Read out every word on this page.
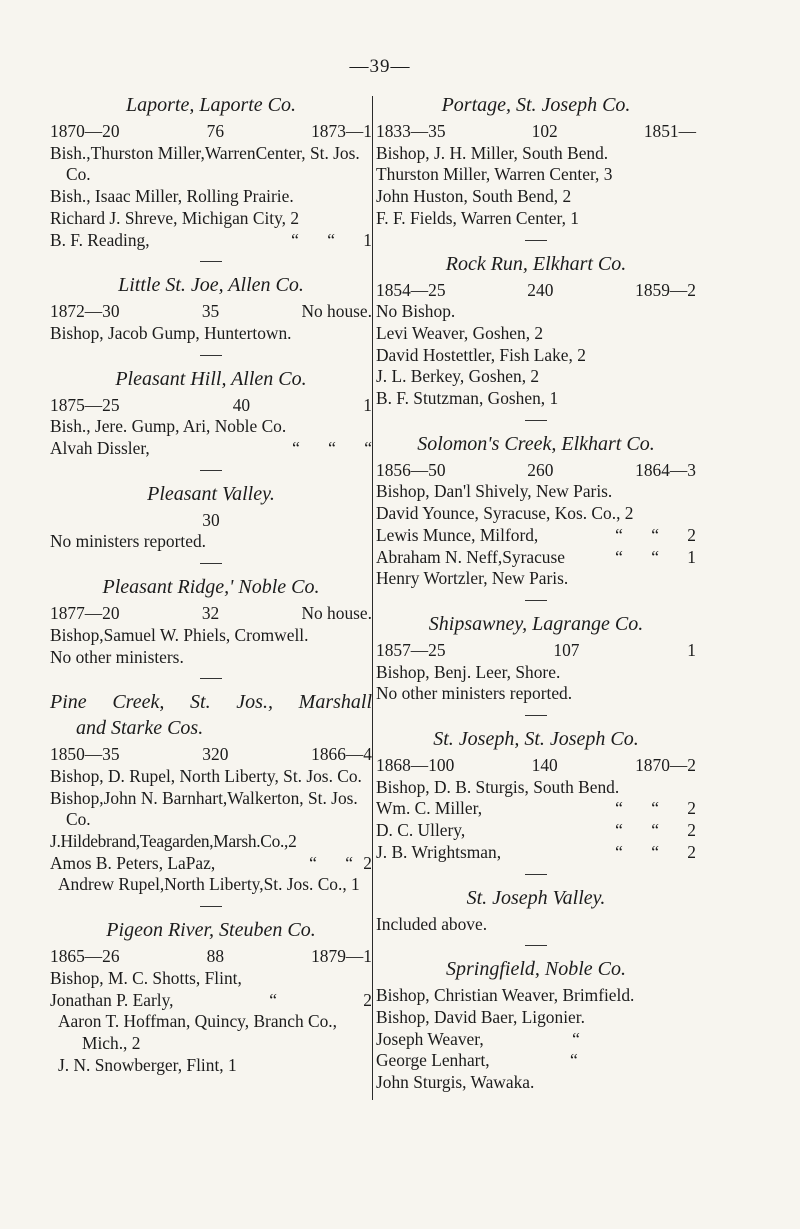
—39—
Laporte, Laporte Co.
1870—20	76	1873—1
Bish.,Thurston Miller,WarrenCenter, St. Jos. Co.
Bish., Isaac Miller, Rolling Prairie.
Richard J. Shreve, Michigan City, 2
B. F. Reading,	“ “ 1
Little St. Joe, Allen Co.
1872—30	35	No house.
Bishop, Jacob Gump, Huntertown.
Pleasant Hill, Allen Co.
1875—25	40	1
Bish., Jere. Gump, Ari, Noble Co.
Alvah Dissler,	“ “ “
Pleasant Valley.
30
No ministers reported.
Pleasant Ridge,' Noble Co.
1877—20	32	No house.
Bishop,Samuel W. Phiels, Cromwell.
No other ministers.
Pine Creek, St. Jos., Marshall
and Starke Cos.
1850—35	320	1866—4
Bishop, D. Rupel, North Liberty, St. Jos. Co.
Bishop,John N. Barnhart,Walkerton, St. Jos. Co.
J.Hildebrand,Teagarden,Marsh.Co.,2
Amos B. Peters, LaPaz,	“ “ 2
Andrew Rupel,North Liberty,St. Jos. Co., 1
Pigeon River, Steuben Co.
1865—26	88	1879—1
Bishop, M. C. Shotts, Flint,
Jonathan P. Early,	“	2
Aaron T. Hoffman, Quincy, Branch Co., Mich., 2
J. N. Snowberger, Flint, 1
Portage, St. Joseph Co.
1833—35	102	1851—
Bishop, J. H. Miller, South Bend.
Thurston Miller, Warren Center, 3
John Huston, South Bend, 2
F. F. Fields, Warren Center, 1
Rock Run, Elkhart Co.
1854—25	240	1859—2
No Bishop.
Levi Weaver, Goshen, 2
David Hostettler, Fish Lake, 2
J. L. Berkey, Goshen, 2
B. F. Stutzman, Goshen, 1
Solomon's Creek, Elkhart Co.
1856—50	260	1864—3
Bishop, Dan'l Shively, New Paris.
David Younce, Syracuse, Kos. Co., 2
Lewis Munce, Milford,	“ “ 2
Abraham N. Neff,Syracuse	“ “ 1
Henry Wortzler, New Paris.
Shipsawney, Lagrange Co.
1857—25	107	1
Bishop, Benj. Leer, Shore.
No other ministers reported.
St. Joseph, St. Joseph Co.
1868—100	140	1870—2
Bishop, D. B. Sturgis, South Bend.
Wm. C. Miller,	“ “ 2
D. C. Ullery,	“ “ 2
J. B. Wrightsman,	“ “ 2
St. Joseph Valley.
Included above.
Springfield, Noble Co.
Bishop, Christian Weaver, Brimfield.
Bishop, David Baer, Ligonier.
Joseph Weaver,	“
George Lenhart,	“
John Sturgis, Wawaka.
